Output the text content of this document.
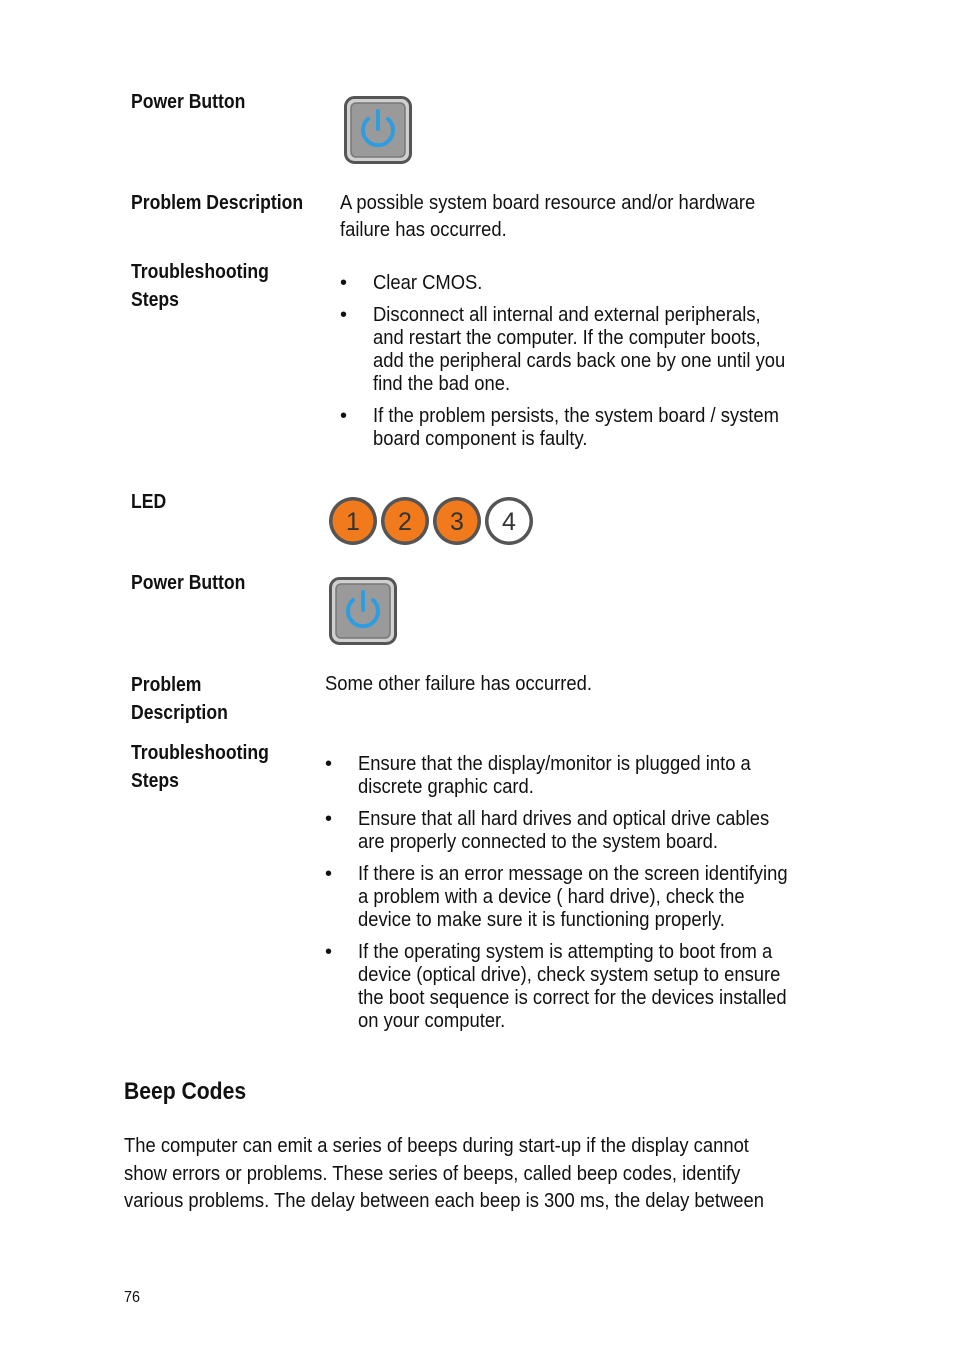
Power Button
Problem Description A possible system board resource and/or hardware
failure has occurred.
Troubleshooting
Steps
• Clear CMOS.
• Disconnect all internal and external peripherals,
and restart the computer. If the computer boots,
add the peripheral cards back one by one until you
find the bad one.
• If the problem persists, the system board / system
board component is faulty.
LED
1 2 3 4
Power Button
Problem
Description
Some other failure has occurred.
Troubleshooting
Steps
• Ensure that the display/monitor is plugged into a
discrete graphic card.
• Ensure that all hard drives and optical drive cables
are properly connected to the system board.
• If there is an error message on the screen identifying
a problem with a device ( hard drive), check the
device to make sure it is functioning properly.
• If the operating system is attempting to boot from a
device (optical drive), check system setup to ensure
the boot sequence is correct for the devices installed
on your computer.
Beep Codes
The computer can emit a series of beeps during start-up if the display cannot
show errors or problems. These series of beeps, called beep codes, identify
various problems. The delay between each beep is 300 ms, the delay between
76
